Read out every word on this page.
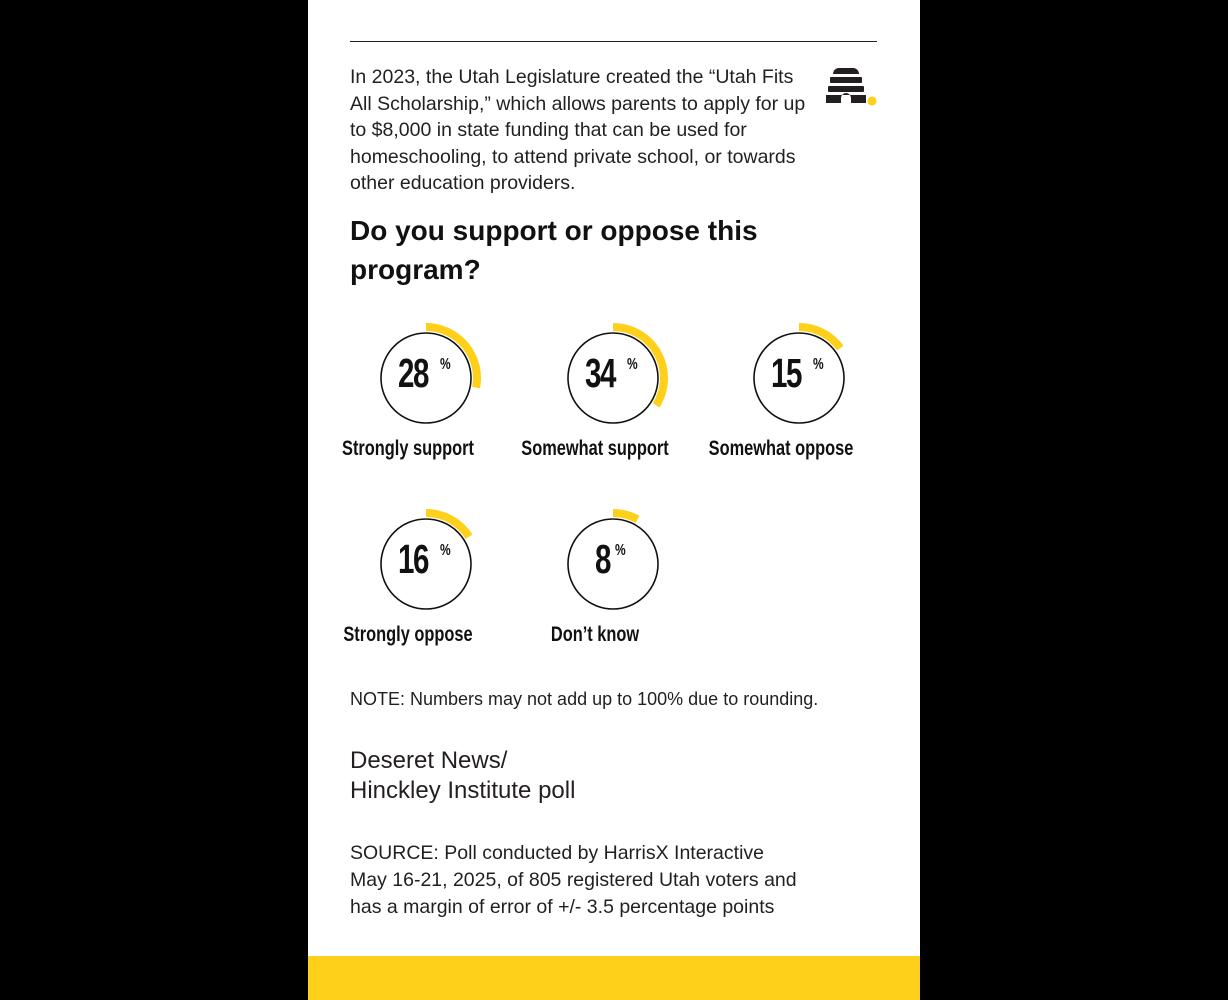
In 2023, the Utah Legislature created the “Utah Fits All Scholarship,” which allows parents to apply for up to $8,000 in state funding that can be used for homeschooling, to attend private school, or towards other education providers.

Do you support or oppose this program?
28 %
Strongly support
34 %
Somewhat support
15 %
Somewhat oppose
16 %
Strongly oppose
8 %
Don’t know

NOTE: Numbers may not add up to 100% due to rounding.

Deseret News/
Hinckley Institute poll

SOURCE: Poll conducted by HarrisX Interactive
May 16-21, 2025, of 805 registered Utah voters and
has a margin of error of +/- 3.5 percentage points
